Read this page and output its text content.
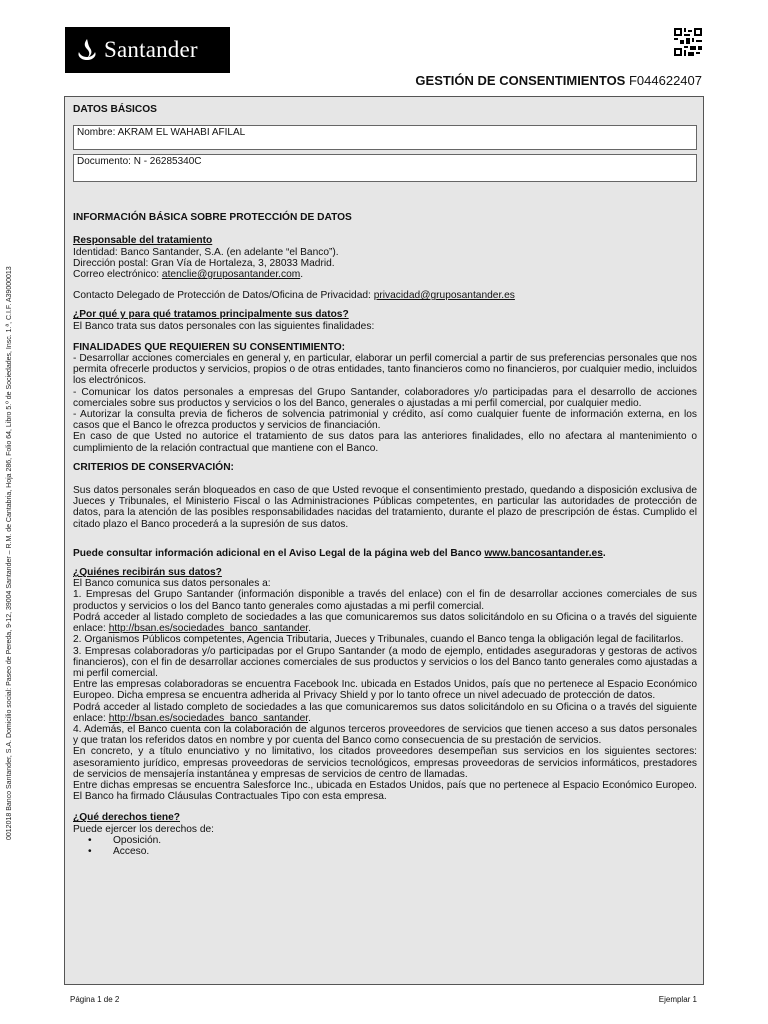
Santander
GESTIÓN DE CONSENTIMIENTOS F044622407
0012018 Banco Santander, S.A. Domicilio social: Paseo de Pereda, 9-12, 39004 Santander – R.M. de Cantabria, Hoja 286, Folio 64, Libro 5.º de Sociedades, Insc. 1.ª, C.I.F. A39000013
DATOS BÁSICOS
Nombre: AKRAM EL WAHABI AFILAL
Documento: N - 26285340C
INFORMACIÓN BÁSICA SOBRE PROTECCIÓN DE DATOS
Responsable del tratamiento
Identidad: Banco Santander, S.A. (en adelante “el Banco”).
Dirección postal: Gran Vía de Hortaleza, 3, 28033 Madrid.
Correo electrónico: atenclie@gruposantander.com.
Contacto Delegado de Protección de Datos/Oficina de Privacidad: privacidad@gruposantander.es
¿Por qué y para qué tratamos principalmente sus datos?
El Banco trata sus datos personales con las siguientes finalidades:
FINALIDADES QUE REQUIEREN SU CONSENTIMIENTO:
- Desarrollar acciones comerciales en general y, en particular, elaborar un perfil comercial a partir de sus preferencias personales que nos permita ofrecerle productos y servicios, propios o de otras entidades, tanto financieros como no financieros, por cualquier medio, incluidos los electrónicos.
- Comunicar los datos personales a empresas del Grupo Santander, colaboradores y/o participadas para el desarrollo de acciones comerciales sobre sus productos y servicios o los del Banco, generales o ajustadas a mi perfil comercial, por cualquier medio.
- Autorizar la consulta previa de ficheros de solvencia patrimonial y crédito, así como cualquier fuente de información externa, en los casos que el Banco le ofrezca productos y servicios de financiación.
En caso de que Usted no autorice el tratamiento de sus datos para las anteriores finalidades, ello no afectara al mantenimiento o cumplimiento de la relación contractual que mantiene con el Banco.
CRITERIOS DE CONSERVACIÓN:
Sus datos personales serán bloqueados en caso de que Usted revoque el consentimiento prestado, quedando a disposición exclusiva de Jueces y Tribunales, el Ministerio Fiscal o las Administraciones Públicas competentes, en particular las autoridades de protección de datos, para la atención de las posibles responsabilidades nacidas del tratamiento, durante el plazo de prescripción de éstas. Cumplido el citado plazo el Banco procederá a la supresión de sus datos.
Puede consultar información adicional en el Aviso Legal de la página web del Banco www.bancosantander.es.
¿Quiénes recibirán sus datos?
El Banco comunica sus datos personales a:
1. Empresas del Grupo Santander (información disponible a través del enlace) con el fin de desarrollar acciones comerciales de sus productos y servicios o los del Banco tanto generales como ajustadas a mi perfil comercial.
Podrá acceder al listado completo de sociedades a las que comunicaremos sus datos solicitándolo en su Oficina o a través del siguiente enlace: http://bsan.es/sociedades_banco_santander.
2. Organismos Públicos competentes, Agencia Tributaria, Jueces y Tribunales, cuando el Banco tenga la obligación legal de facilitarlos.
3. Empresas colaboradoras y/o participadas por el Grupo Santander (a modo de ejemplo, entidades aseguradoras y gestoras de activos financieros), con el fin de desarrollar acciones comerciales de sus productos y servicios o los del Banco tanto generales como ajustadas a mi perfil comercial.
Entre las empresas colaboradoras se encuentra Facebook Inc. ubicada en Estados Unidos, país que no pertenece al Espacio Económico Europeo. Dicha empresa se encuentra adherida al Privacy Shield y por lo tanto ofrece un nivel adecuado de protección de datos.
Podrá acceder al listado completo de sociedades a las que comunicaremos sus datos solicitándolo en su Oficina o a través del siguiente enlace: http://bsan.es/sociedades_banco_santander.
4. Además, el Banco cuenta con la colaboración de algunos terceros proveedores de servicios que tienen acceso a sus datos personales y que tratan los referidos datos en nombre y por cuenta del Banco como consecuencia de su prestación de servicios.
En concreto, y a título enunciativo y no limitativo, los citados proveedores desempeñan sus servicios en los siguientes sectores: asesoramiento jurídico, empresas proveedoras de servicios tecnológicos, empresas proveedoras de servicios informáticos, prestadores de servicios de mensajería instantánea y empresas de servicios de centro de llamadas.
Entre dichas empresas se encuentra Salesforce Inc., ubicada en Estados Unidos, país que no pertenece al Espacio Económico Europeo. El Banco ha firmado Cláusulas Contractuales Tipo con esta empresa.
¿Qué derechos tiene?
Puede ejercer los derechos de:
• Oposición.
• Acceso.
Página 1 de 2	Ejemplar 1
